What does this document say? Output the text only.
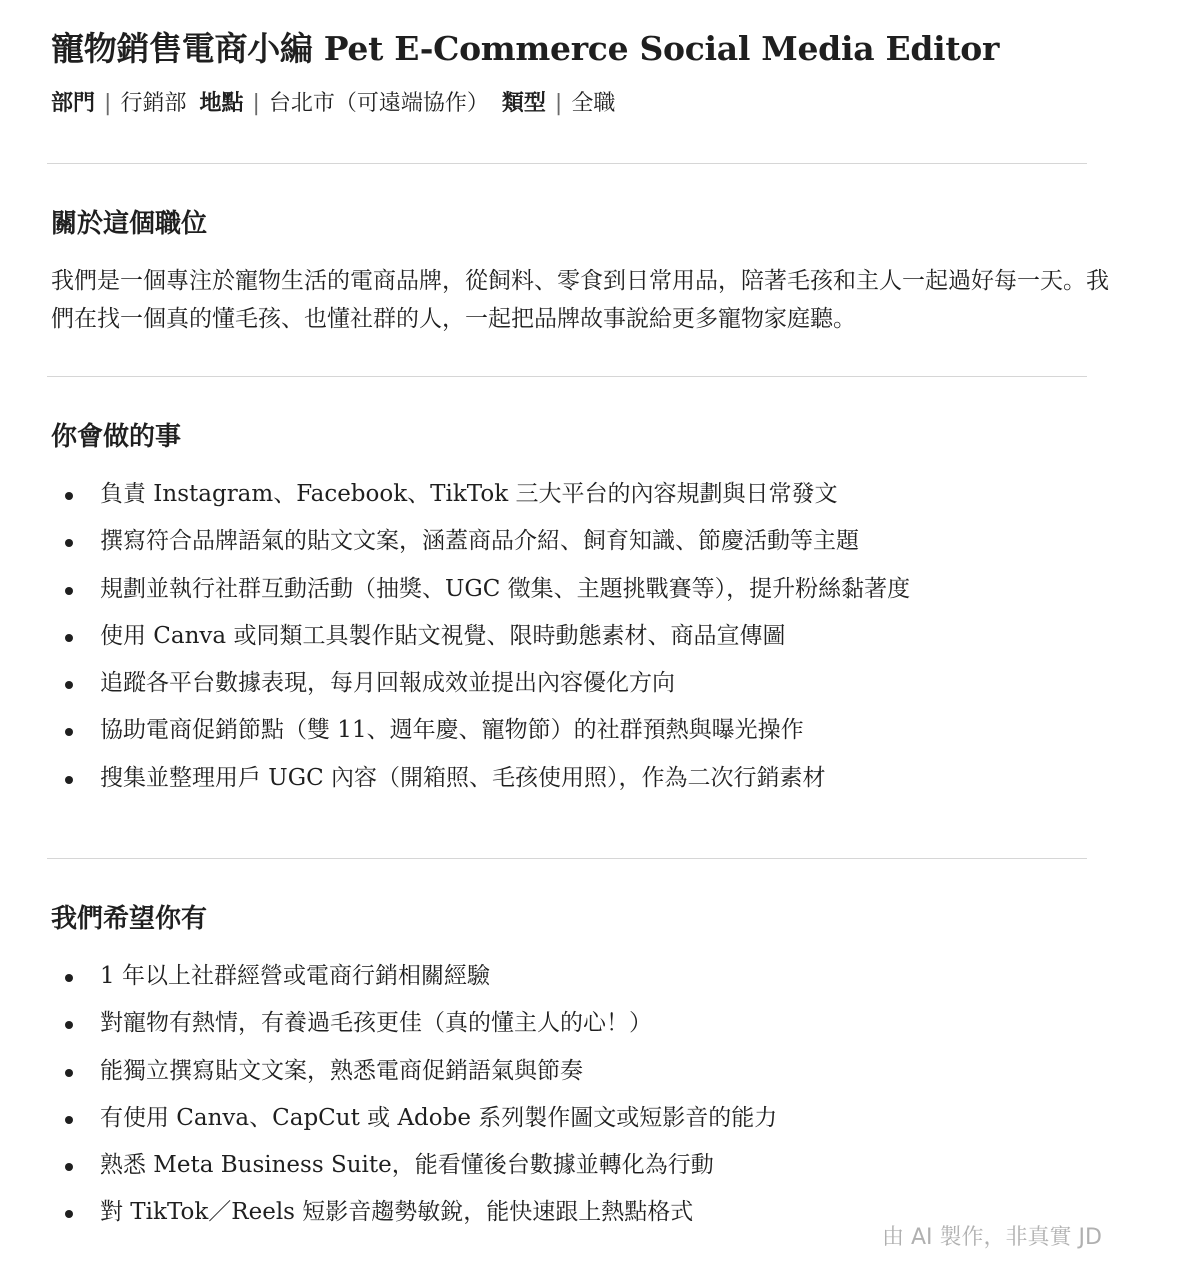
寵物銷售電商小編 Pet E-Commerce Social Media Editor
部門 | 行銷部 地點 | 台北市（可遠端協作） 類型 | 全職
關於這個職位

我們是一個專注於寵物生活的電商品牌，從飼料、零食到日常用品，陪著毛孩和主人一起過好每一天。我們在找一個真的懂毛孩、也懂社群的人，一起把品牌故事說給更多寵物家庭聽。

你會做的事
負責 Instagram、Facebook、TikTok 三大平台的內容規劃與日常發文
撰寫符合品牌語氣的貼文文案，涵蓋商品介紹、飼育知識、節慶活動等主題
規劃並執行社群互動活動（抽獎、UGC 徵集、主題挑戰賽等），提升粉絲黏著度
使用 Canva 或同類工具製作貼文視覺、限時動態素材、商品宣傳圖
追蹤各平台數據表現，每月回報成效並提出內容優化方向
協助電商促銷節點（雙 11、週年慶、寵物節）的社群預熱與曝光操作
搜集並整理用戶 UGC 內容（開箱照、毛孩使用照），作為二次行銷素材
我們希望你有
1 年以上社群經營或電商行銷相關經驗
對寵物有熱情，有養過毛孩更佳（真的懂主人的心！）
能獨立撰寫貼文文案，熟悉電商促銷語氣與節奏
有使用 Canva、CapCut 或 Adobe 系列製作圖文或短影音的能力
熟悉 Meta Business Suite，能看懂後台數據並轉化為行動
對 TikTok／Reels 短影音趨勢敏銳，能快速跟上熱點格式
由 AI 製作，非真實 JD
